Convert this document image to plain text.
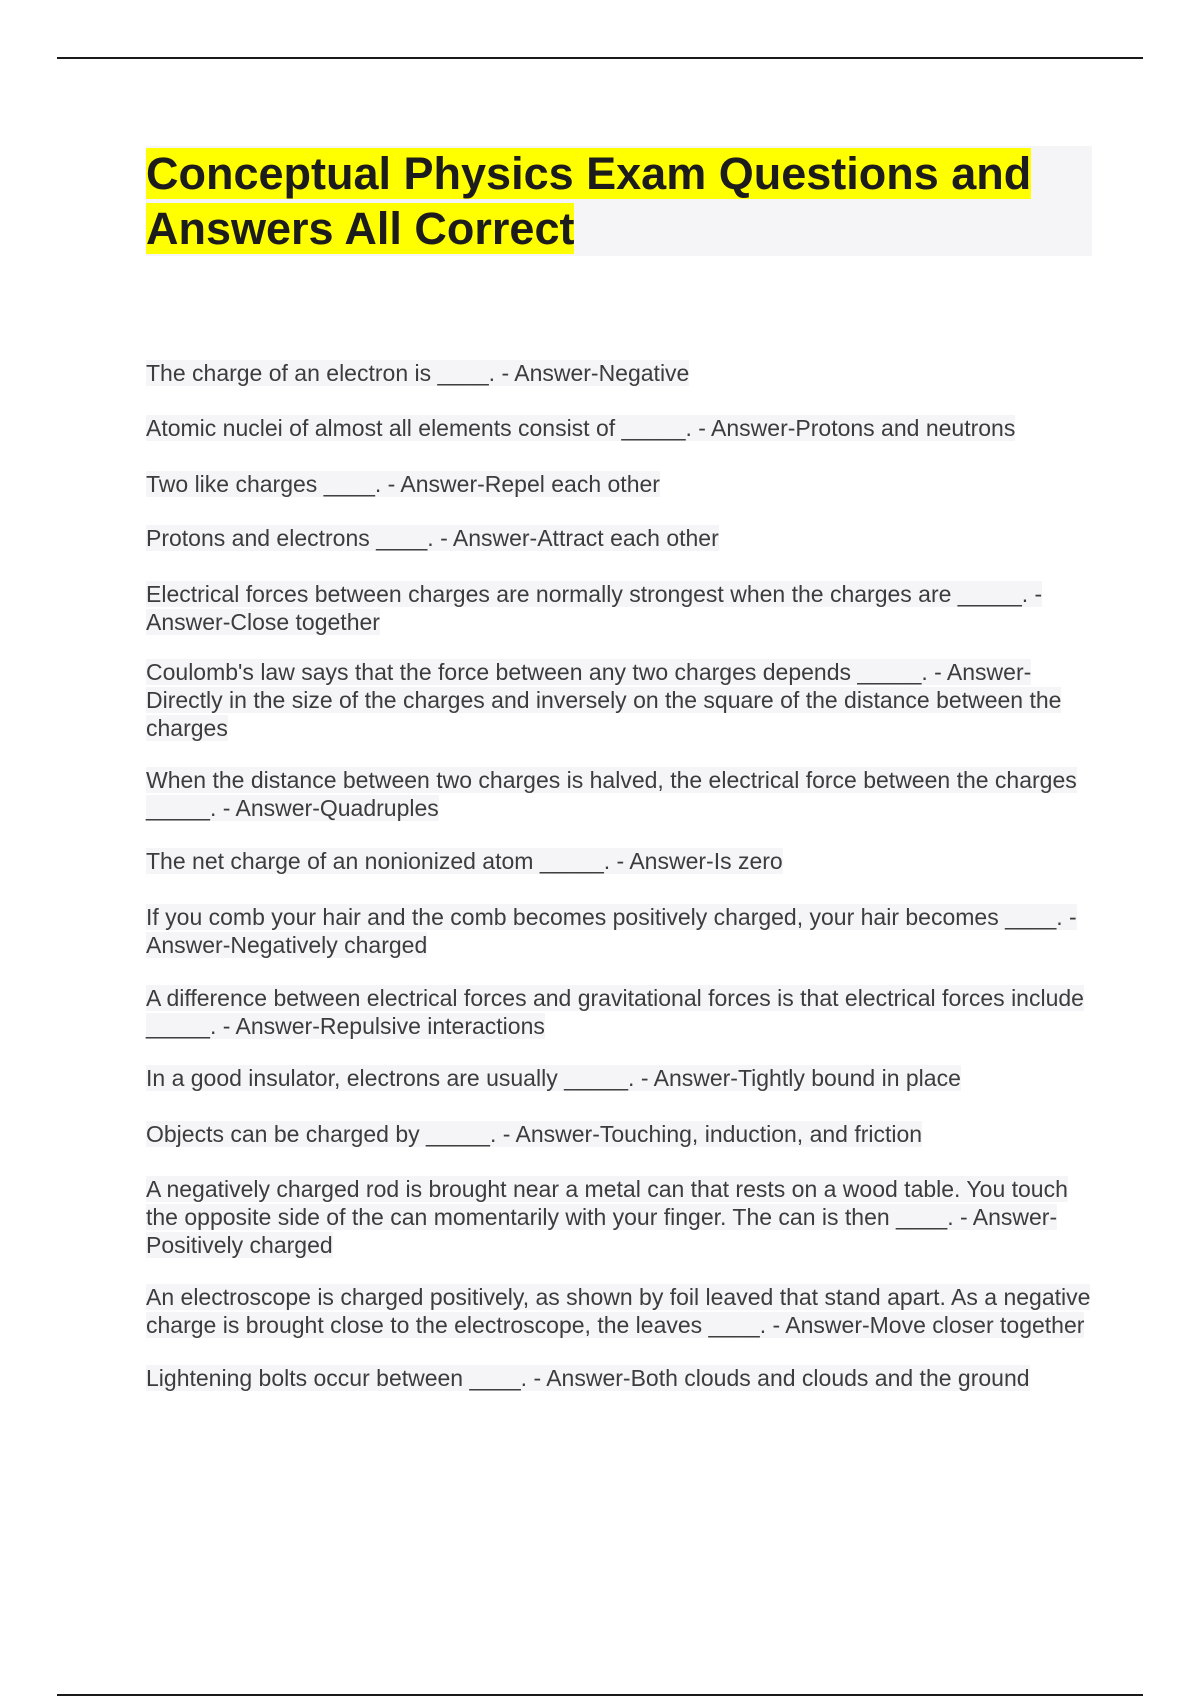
Conceptual Physics Exam Questions and Answers All Correct
The charge of an electron is ____. - Answer-Negative
Atomic nuclei of almost all elements consist of _____. - Answer-Protons and neutrons
Two like charges ____. - Answer-Repel each other
Protons and electrons ____. - Answer-Attract each other
Electrical forces between charges are normally strongest when the charges are _____. - Answer-Close together
Coulomb's law says that the force between any two charges depends _____. - Answer-Directly in the size of the charges and inversely on the square of the distance between the charges
When the distance between two charges is halved, the electrical force between the charges _____. - Answer-Quadruples
The net charge of an nonionized atom _____. - Answer-Is zero
If you comb your hair and the comb becomes positively charged, your hair becomes ____. - Answer-Negatively charged
A difference between electrical forces and gravitational forces is that electrical forces include _____. - Answer-Repulsive interactions
In a good insulator, electrons are usually _____. - Answer-Tightly bound in place
Objects can be charged by _____. - Answer-Touching, induction, and friction
A negatively charged rod is brought near a metal can that rests on a wood table. You touch the opposite side of the can momentarily with your finger. The can is then ____. - Answer-Positively charged
An electroscope is charged positively, as shown by foil leaved that stand apart. As a negative charge is brought close to the electroscope, the leaves ____. - Answer-Move closer together
Lightening bolts occur between ____. - Answer-Both clouds and clouds and the ground
